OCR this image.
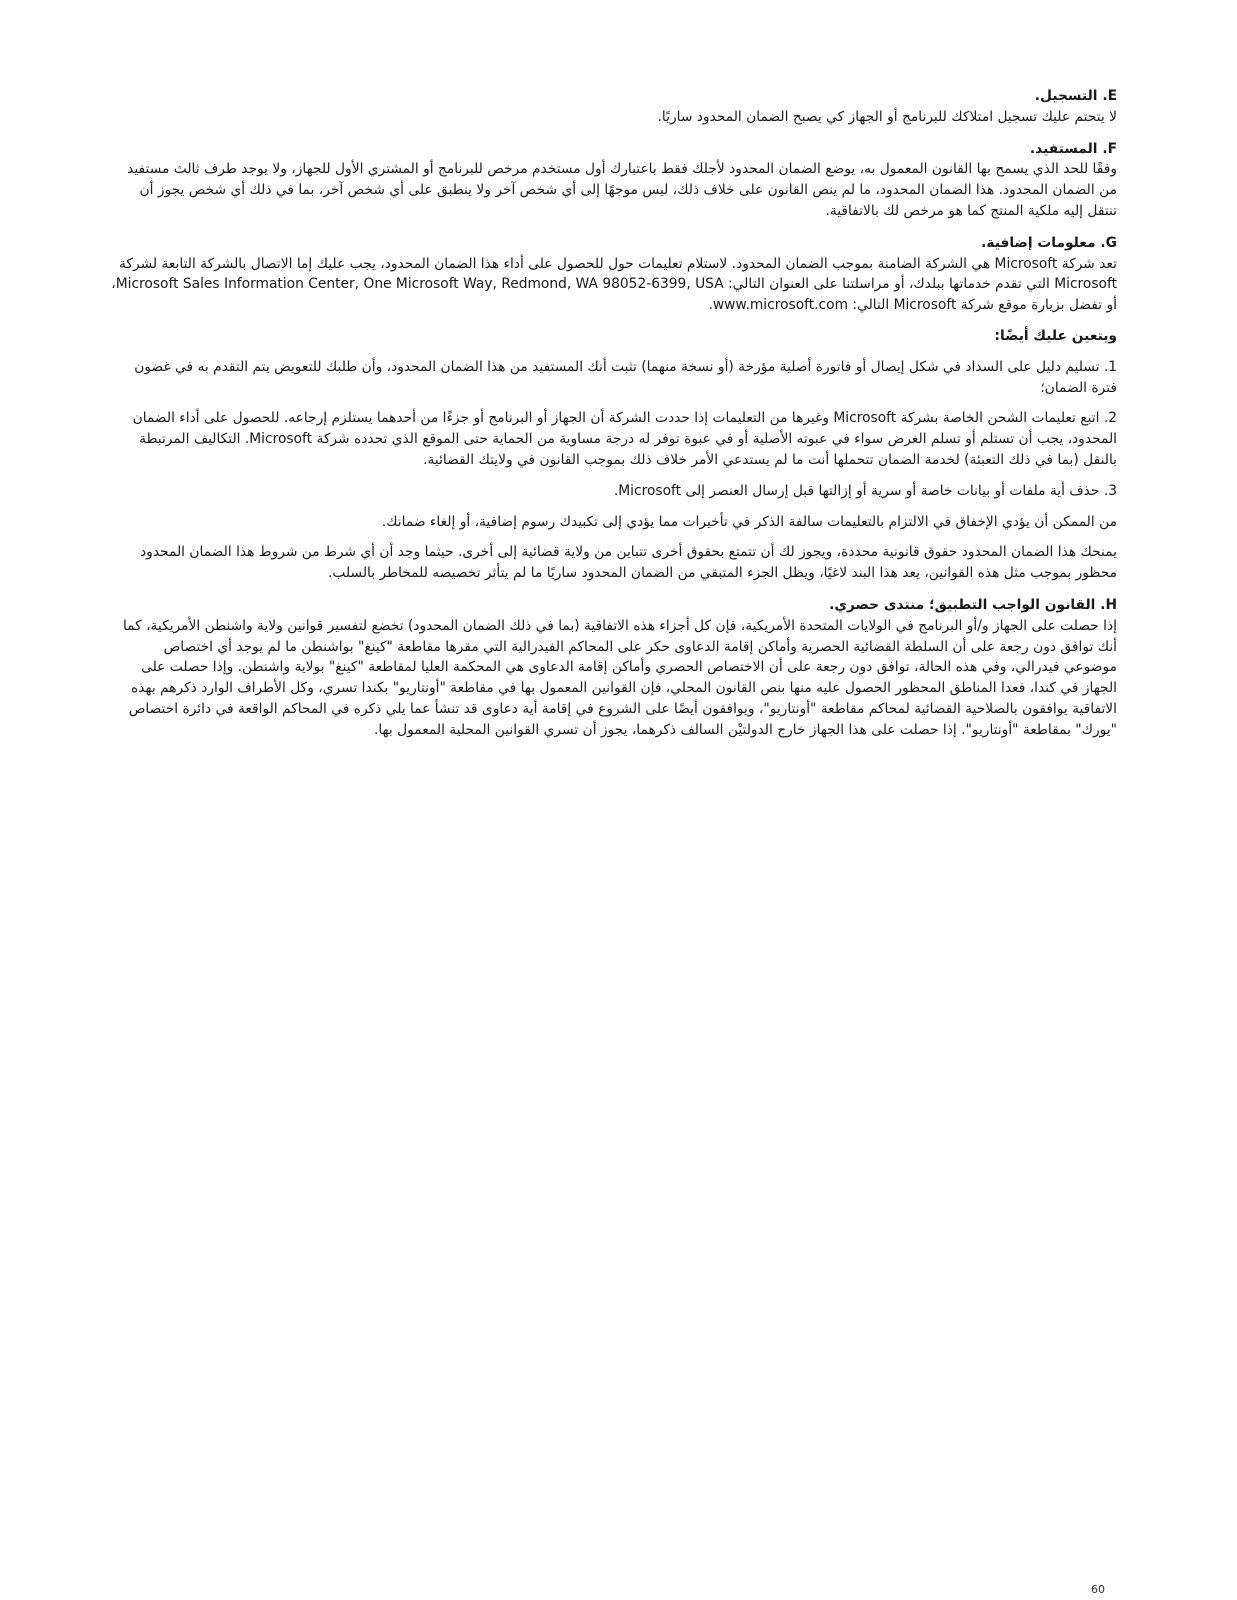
E. التسجيل.

لا يتحتم عليك تسجيل امتلاكك للبرنامج أو الجهاز كي يصبح الضمان المحدود ساريًا.

F. المستفيد.

وفقًا للحد الذي يسمح بها القانون المعمول به، يوضع الضمان المحدود لأجلك فقط باعتبارك أول مستخدم مرخص للبرنامج أو المشتري الأول للجهاز، ولا يوجد طرف ثالث مستفيد من الضمان المحدود. هذا الضمان المحدود، ما لم ينص القانون على خلاف ذلك، ليس موجهًا إلى أي شخص آخر ولا ينطبق على أي شخص آخر، بما في ذلك أي شخص يجوز أن تنتقل إليه ملكية المنتج كما هو مرخص لك بالاتفاقية.

G. معلومات إضافية.

تعد شركة Microsoft هي الشركة الضامنة بموجب الضمان المحدود. لاستلام تعليمات حول للحصول على أداء هذا الضمان المحدود، يجب عليك إما الاتصال بالشركة التابعة لشركة Microsoft التي تقدم خدماتها ببلدك، أو مراسلتنا على العنوان التالي: Microsoft Sales Information Center, One Microsoft Way, Redmond, WA 98052-6399, USA، أو تفضل بزيارة موقع شركة Microsoft التالي: www.microsoft.com.

ويتعين عليك أيضًا:

1. تسليم دليل على السداد في شكل إيصال أو فاتورة أصلية مؤرخة (أو نسخة منهما) تثبت أنك المستفيد من هذا الضمان المحدود، وأن طلبك للتعويض يتم التقدم به في غضون فترة الضمان؛

2. اتبع تعليمات الشحن الخاصة بشركة Microsoft وغيرها من التعليمات إذا حددت الشركة أن الجهاز أو البرنامج أو جزءًا من أحدهما يستلزم إرجاعه. للحصول على أداء الضمان المحدود، يجب أن تستلم أو تسلم الغرض سواء في عبوته الأصلية أو في عبوة توفر له درجة مساوية من الحماية حتى الموقع الذي تحدده شركة Microsoft. التكاليف المرتبطة بالنقل (بما في ذلك التعبئة) لخدمة الضمان تتحملها أنت ما لم يستدعي الأمر خلاف ذلك بموجب القانون في ولايتك القضائية.

3. حذف أية ملفات أو بيانات خاصة أو سرية أو إزالتها قبل إرسال العنصر إلى Microsoft.

من الممكن أن يؤدي الإخفاق في الالتزام بالتعليمات سالفة الذكر في تأخيرات مما يؤدي إلى تكبيدك رسوم إضافية، أو إلغاء ضمانك.

يمنحك هذا الضمان المحدود حقوق قانونية محددة، ويجوز لك أن تتمتع بحقوق أخرى تتباين من ولاية قضائية إلى أخرى. حيثما وجد أن أي شرط من شروط هذا الضمان المحدود محظور بموجب مثل هذه القوانين، يعد هذا البند لاغيًا، ويظل الجزء المتبقي من الضمان المحدود ساريًا ما لم يتأثر تخصيصه للمخاطر بالسلب.

H. القانون الواجب التطبيق؛ منتدى حصري.

إذا حصلت على الجهاز و/أو البرنامج في الولايات المتحدة الأمريكية، فإن كل أجزاء هذه الاتفاقية (بما في ذلك الضمان المحدود) تخضع لتفسير قوانين ولاية واشنطن الأمريكية، كما أنك توافق دون رجعة على أن السلطة القضائية الحصرية وأماكن إقامة الدعاوى حكر على المحاكم الفيدرالية التي مقرها مقاطعة "كينغ" بواشنطن ما لم يوجد أي اختصاص موضوعي فيدرالي، وفي هذه الحالة، توافق دون رجعة على أن الاختصاص الحصري وأماكن إقامة الدعاوى هي المحكمة العليا لمقاطعة "كينغ" بولاية واشنطن. وإذا حصلت على الجهاز في كندا، فعدا المناطق المحظور الحصول عليه منها بنص القانون المحلي، فإن القوانين المعمول بها في مقاطعة "أونتاريو" بكندا تسري، وكل الأطراف الوارد ذكرهم بهذه الاتفاقية يوافقون بالصلاحية القضائية لمحاكم مقاطعة "أونتاريو"، ويوافقون أيضًا على الشروع في إقامة أية دعاوى قد تنشأ عما يلي ذكره في المحاكم الواقعة في دائرة اختصاص "يورك" بمقاطعة "أونتاريو". إذا حصلت على هذا الجهاز خارج الدولتيْن السالف ذكرهما، يجوز أن تسري القوانين المحلية المعمول بها.

60
